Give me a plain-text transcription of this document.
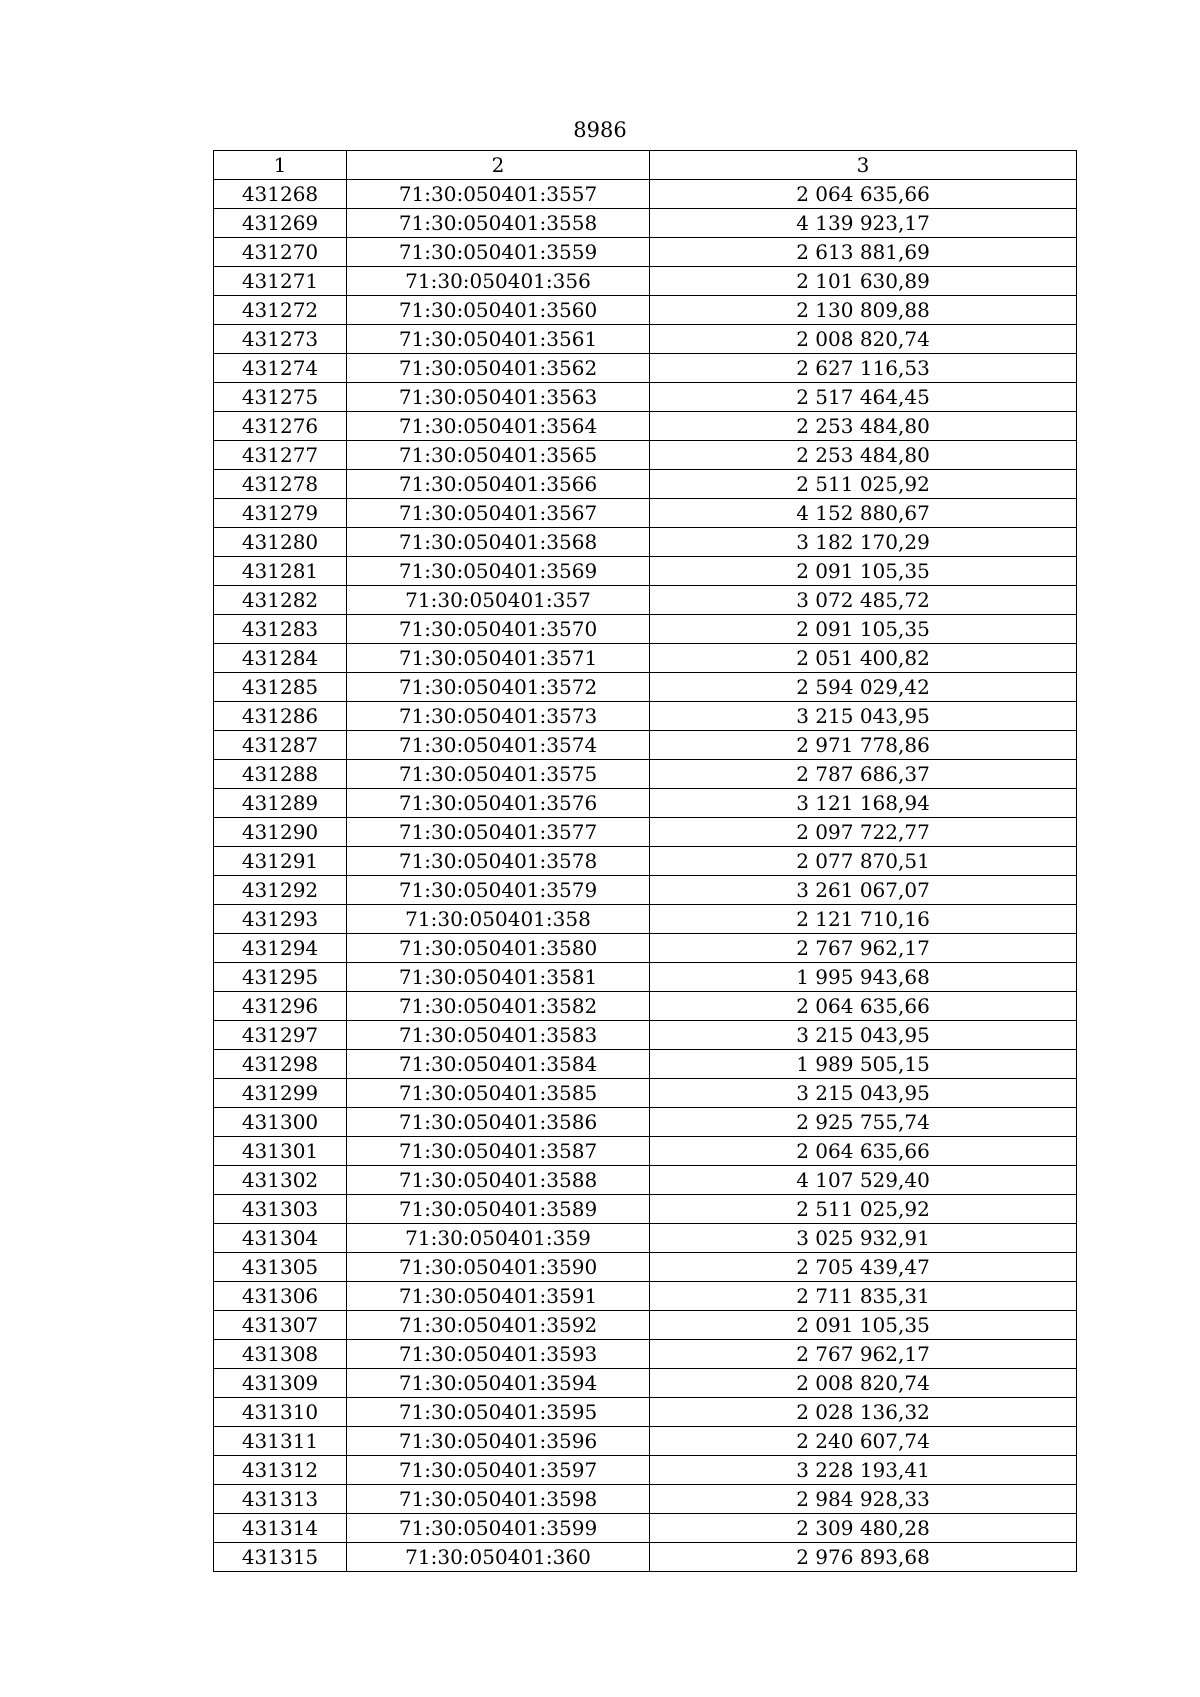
8986
1	2	3
431268	71:30:050401:3557	2 064 635,66
431269	71:30:050401:3558	4 139 923,17
431270	71:30:050401:3559	2 613 881,69
431271	71:30:050401:356	2 101 630,89
431272	71:30:050401:3560	2 130 809,88
431273	71:30:050401:3561	2 008 820,74
431274	71:30:050401:3562	2 627 116,53
431275	71:30:050401:3563	2 517 464,45
431276	71:30:050401:3564	2 253 484,80
431277	71:30:050401:3565	2 253 484,80
431278	71:30:050401:3566	2 511 025,92
431279	71:30:050401:3567	4 152 880,67
431280	71:30:050401:3568	3 182 170,29
431281	71:30:050401:3569	2 091 105,35
431282	71:30:050401:357	3 072 485,72
431283	71:30:050401:3570	2 091 105,35
431284	71:30:050401:3571	2 051 400,82
431285	71:30:050401:3572	2 594 029,42
431286	71:30:050401:3573	3 215 043,95
431287	71:30:050401:3574	2 971 778,86
431288	71:30:050401:3575	2 787 686,37
431289	71:30:050401:3576	3 121 168,94
431290	71:30:050401:3577	2 097 722,77
431291	71:30:050401:3578	2 077 870,51
431292	71:30:050401:3579	3 261 067,07
431293	71:30:050401:358	2 121 710,16
431294	71:30:050401:3580	2 767 962,17
431295	71:30:050401:3581	1 995 943,68
431296	71:30:050401:3582	2 064 635,66
431297	71:30:050401:3583	3 215 043,95
431298	71:30:050401:3584	1 989 505,15
431299	71:30:050401:3585	3 215 043,95
431300	71:30:050401:3586	2 925 755,74
431301	71:30:050401:3587	2 064 635,66
431302	71:30:050401:3588	4 107 529,40
431303	71:30:050401:3589	2 511 025,92
431304	71:30:050401:359	3 025 932,91
431305	71:30:050401:3590	2 705 439,47
431306	71:30:050401:3591	2 711 835,31
431307	71:30:050401:3592	2 091 105,35
431308	71:30:050401:3593	2 767 962,17
431309	71:30:050401:3594	2 008 820,74
431310	71:30:050401:3595	2 028 136,32
431311	71:30:050401:3596	2 240 607,74
431312	71:30:050401:3597	3 228 193,41
431313	71:30:050401:3598	2 984 928,33
431314	71:30:050401:3599	2 309 480,28
431315	71:30:050401:360	2 976 893,68
